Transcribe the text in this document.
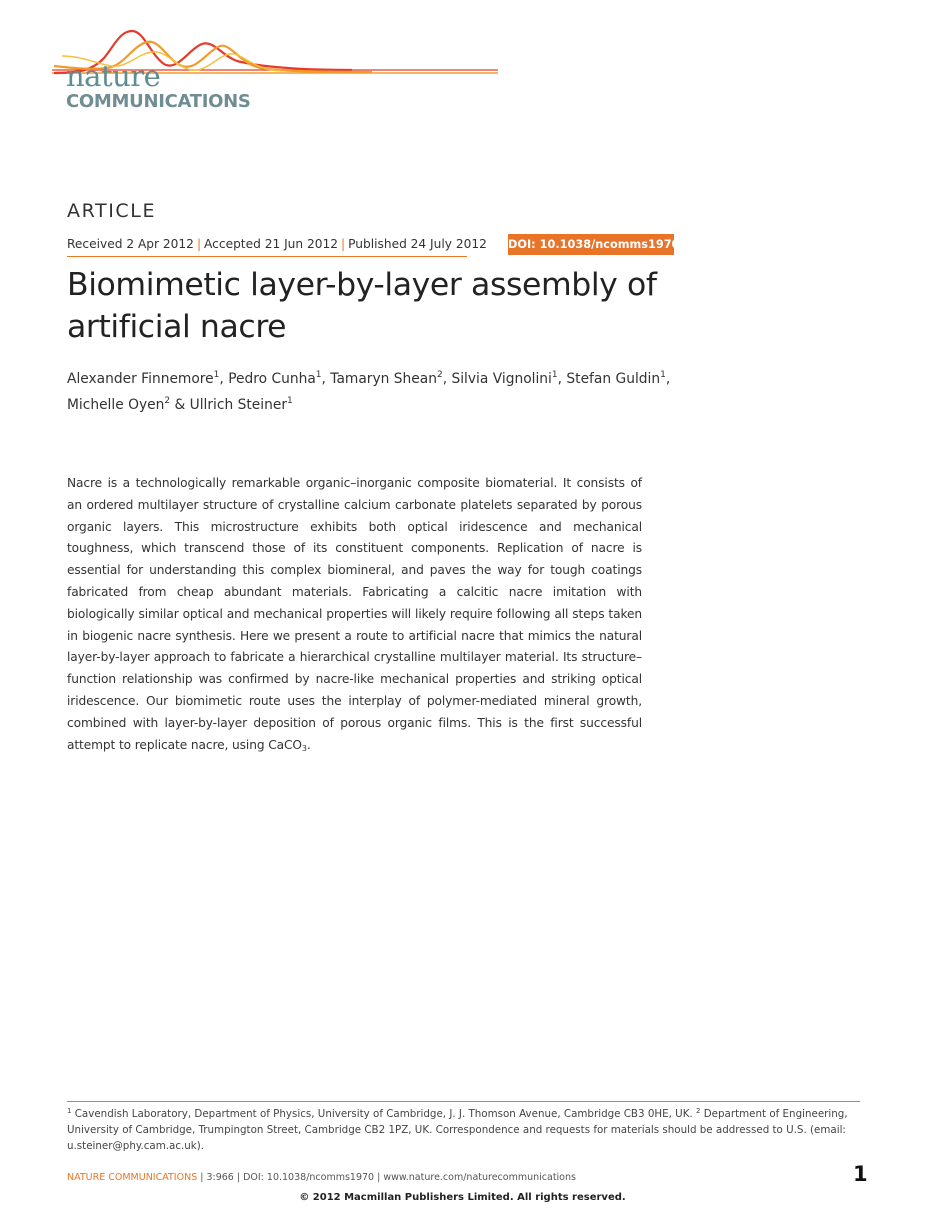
nature
COMMUNICATIONS
ARTICLE
Received 2 Apr 2012 | Accepted 21 Jun 2012 | Published 24 July 2012 DOI: 10.1038/ncomms1970
Biomimetic layer-by-layer assembly of artificial nacre
Alexander Finnemore$^1$, Pedro Cunha$^1$, Tamaryn Shean$^2$, Silvia Vignolini$^1$, Stefan Guldin$^1$,
Michelle Oyen$^2$ & Ullrich Steiner$^1$
Nacre is a technologically remarkable organic–inorganic composite biomaterial. It consists of an ordered multilayer structure of crystalline calcium carbonate platelets separated by porous organic layers. This microstructure exhibits both optical iridescence and mechanical toughness, which transcend those of its constituent components. Replication of nacre is essential for understanding this complex biomineral, and paves the way for tough coatings fabricated from cheap abundant materials. Fabricating a calcitic nacre imitation with biologically similar optical and mechanical properties will likely require following all steps taken in biogenic nacre synthesis. Here we present a route to artificial nacre that mimics the natural layer-by-layer approach to fabricate a hierarchical crystalline multilayer material. Its structure–function relationship was confirmed by nacre-like mechanical properties and striking optical iridescence. Our biomimetic route uses the interplay of polymer-mediated mineral growth, combined with layer-by-layer deposition of porous organic films. This is the first successful attempt to replicate nacre, using CaCO$_3$.
$^1$ Cavendish Laboratory, Department of Physics, University of Cambridge, J. J. Thomson Avenue, Cambridge CB3 0HE, UK. $^2$ Department of Engineering, University of Cambridge, Trumpington Street, Cambridge CB2 1PZ, UK. Correspondence and requests for materials should be addressed to U.S. (email: u.steiner@phy.cam.ac.uk).
NATURE COMMUNICATIONS | 3:966 | DOI: 10.1038/ncomms1970 | www.nature.com/naturecommunications	1
© 2012 Macmillan Publishers Limited. All rights reserved.
